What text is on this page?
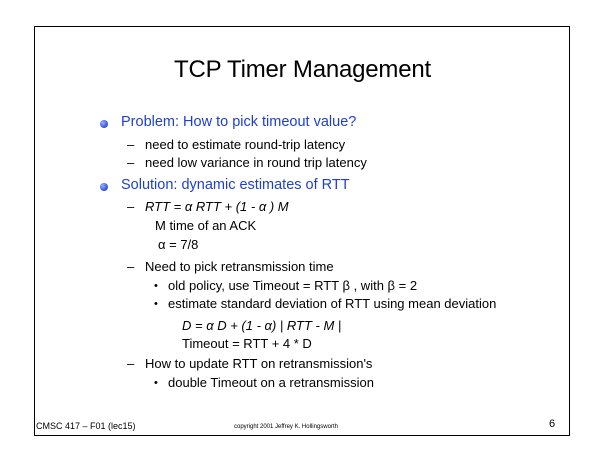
TCP Timer Management
Problem: How to pick timeout value?
– need to estimate round-trip latency
– need low variance in round trip latency
Solution: dynamic estimates of RTT
– RTT = α RTT + (1 - α ) M
M time of an ACK
α = 7/8
– Need to pick retransmission time
• old policy, use Timeout = RTT β , with β = 2
• estimate standard deviation of RTT using mean deviation
D = α D + (1 - α) | RTT - M |
Timeout = RTT + 4 * D
– How to update RTT on retransmission's
• double Timeout on a retransmission
CMSC 417 – F01 (lec15)	copyright 2001 Jeffrey K. Hollingsworth	6
